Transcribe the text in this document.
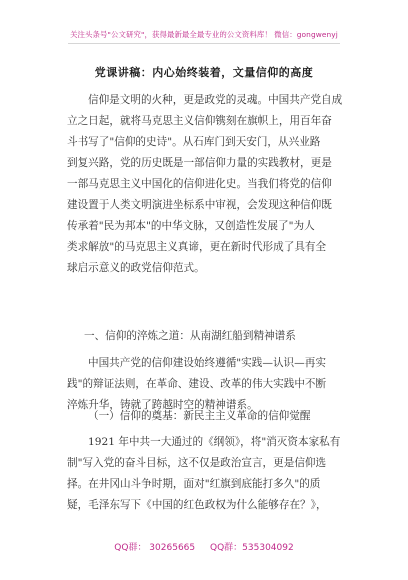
关注头条号"公文研究"，获得最新最全最专业的公文资料库！ 微信：gongwenyj
党课讲稿：内心始终装着，文量信仰的高度
信仰是文明的火种，更是政党的灵魂。中国共产党自成
立之日起，就将马克思主义信仰镌刻在旗帜上，用百年奋
斗书写了"信仰的史诗"。从石库门到天安门，从兴业路
到复兴路，党的历史既是一部信仰力量的实践教材，更是
一部马克思主义中国化的信仰进化史。当我们将党的信仰
建设置于人类文明演进坐标系中审视，会发现这种信仰既
传承着"民为邦本"的中华文脉，又创造性发展了"为人
类求解放"的马克思主义真谛，更在新时代形成了具有全
球启示意义的政党信仰范式。
一、信仰的淬炼之道：从南湖红船到精神谱系
中国共产党的信仰建设始终遵循"实践—认识—再实
践"的辩证法则，在革命、建设、改革的伟大实践中不断
淬炼升华，铸就了跨越时空的精神谱系。
（一）信仰的奠基：新民主主义革命的信仰觉醒
1921 年中共一大通过的《纲领》，将"消灭资本家私有
制"写入党的奋斗目标，这不仅是政治宣言，更是信仰选
择。在井冈山斗争时期，面对"红旗到底能打多久"的质
疑，毛泽东写下《中国的红色政权为什么能够存在？》，
QQ群： 30265665 QQ群：535304092
